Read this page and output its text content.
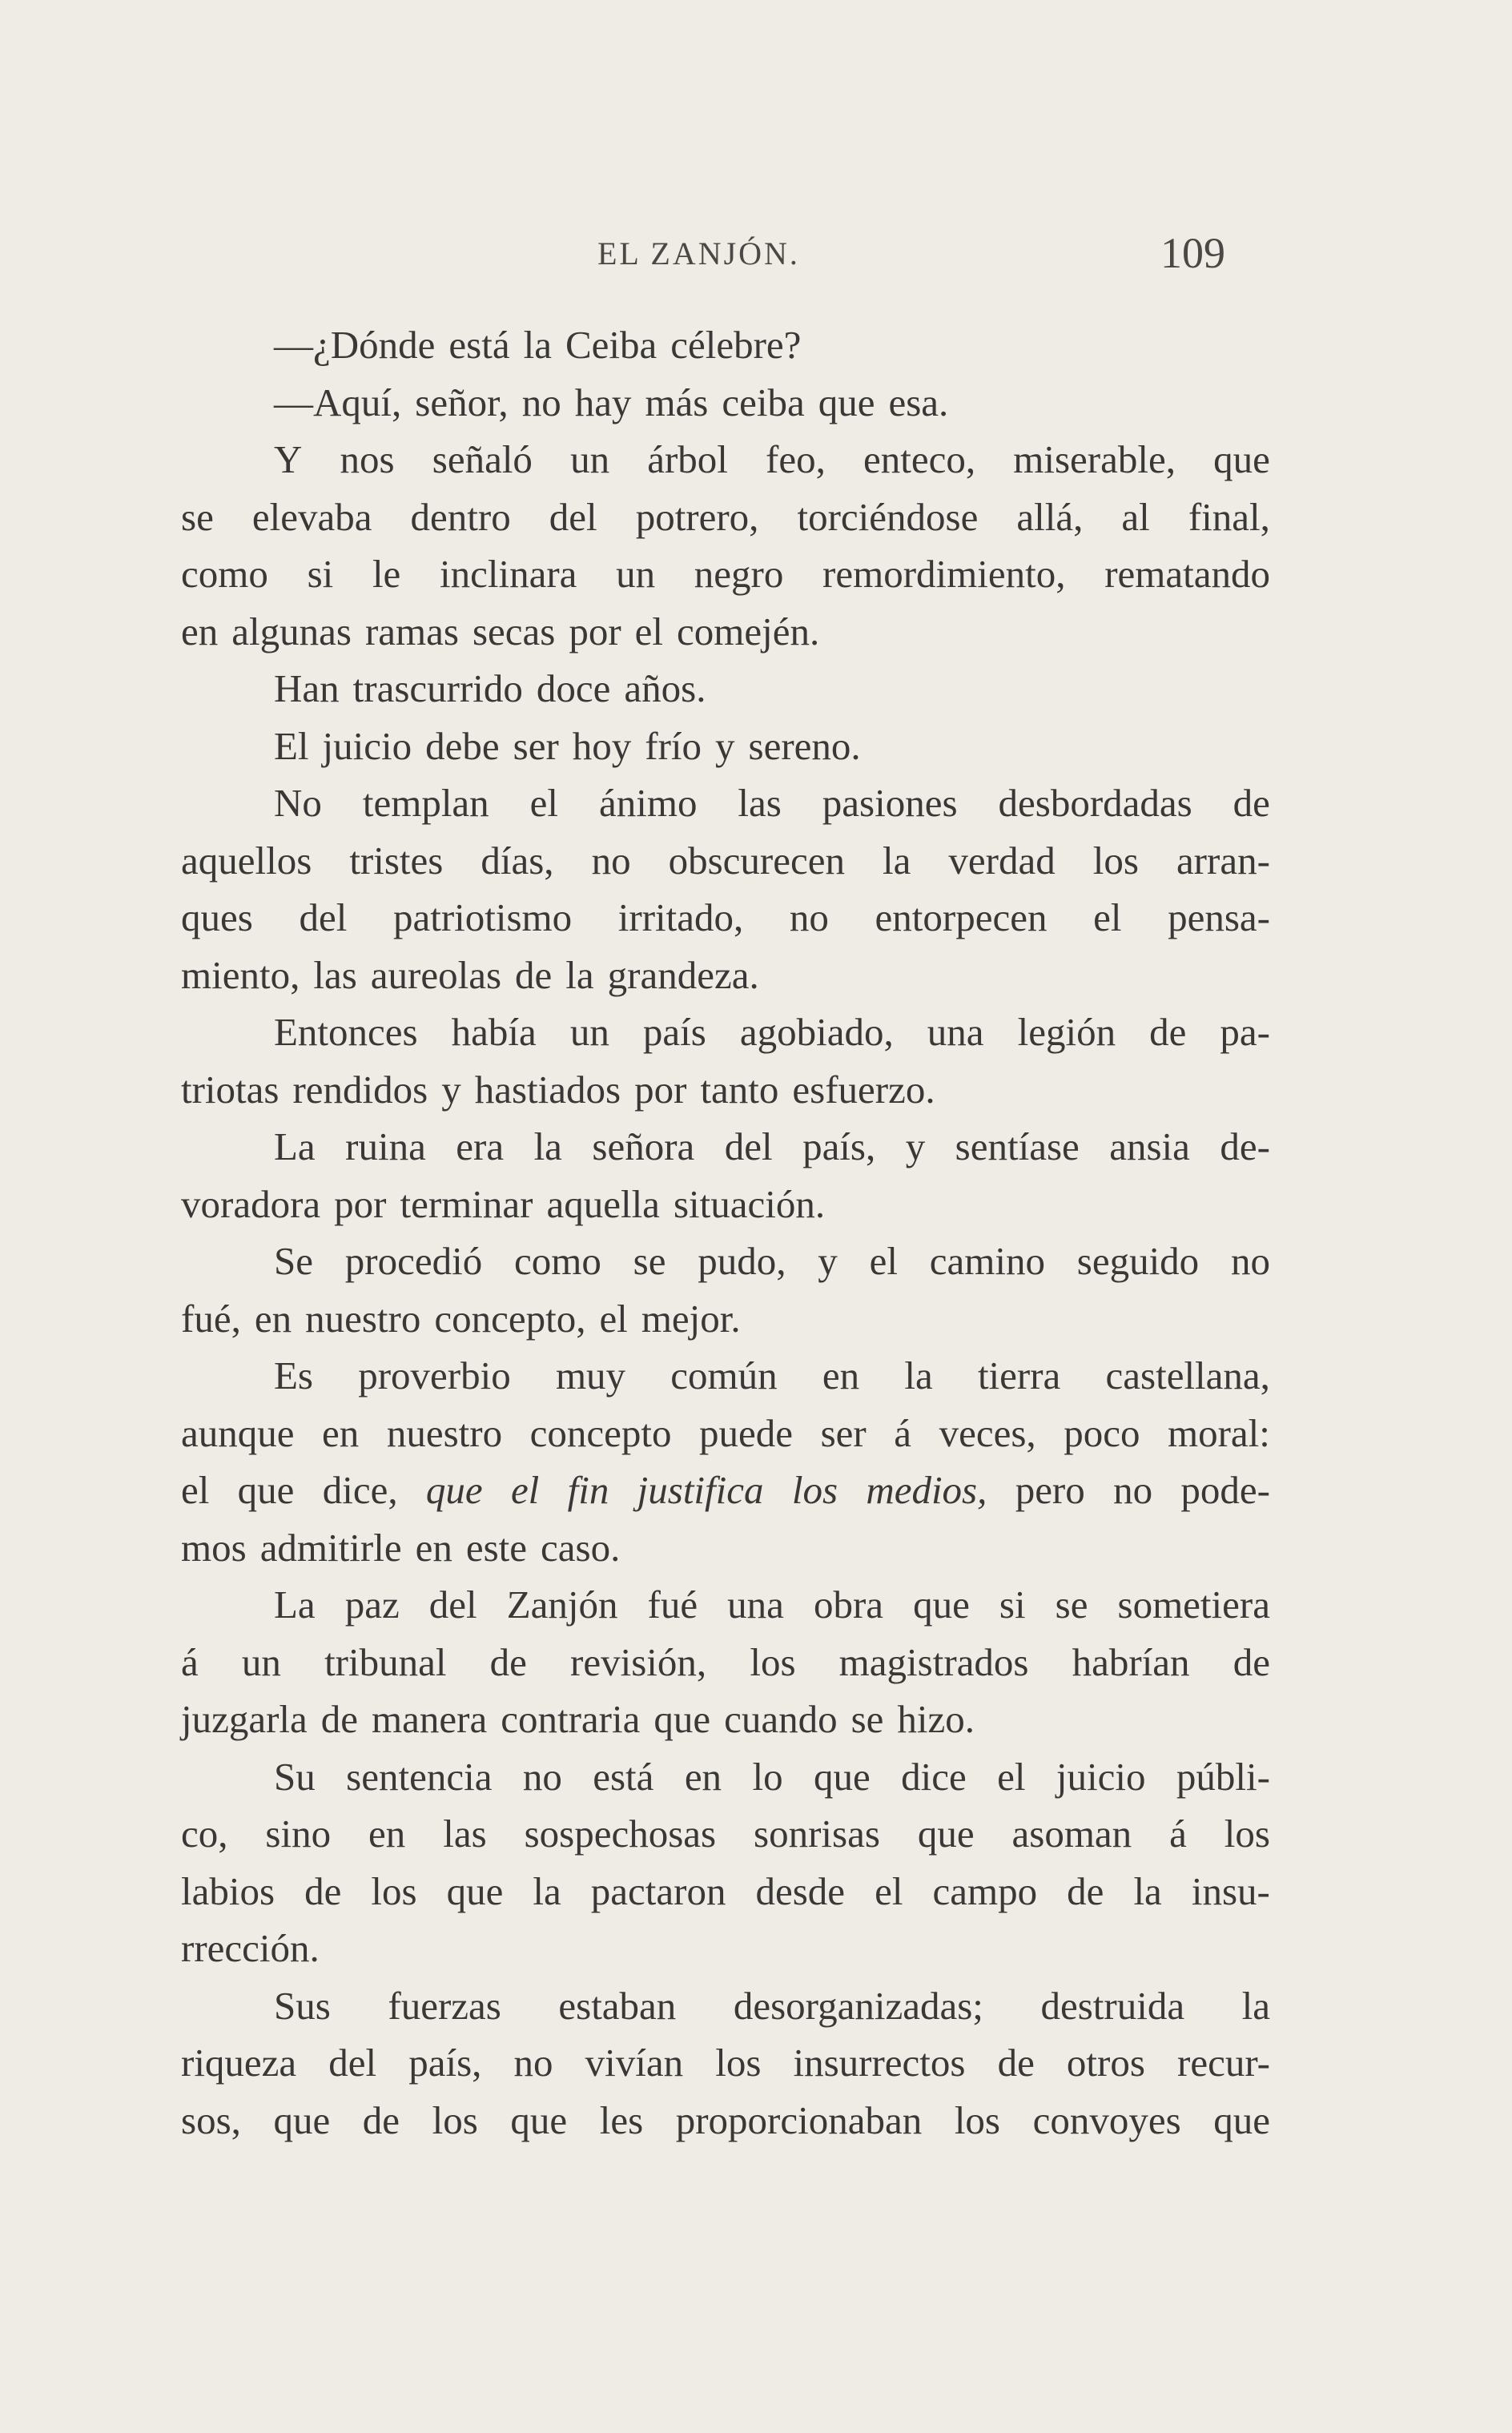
EL ZANJÓN.	109
—¿Dónde está la Ceiba célebre?
—Aquí, señor, no hay más ceiba que esa.
Y nos señaló un árbol feo, enteco, miserable, que
se elevaba dentro del potrero, torciéndose allá, al final,
como si le inclinara un negro remordimiento, rematando
en algunas ramas secas por el comején.
Han trascurrido doce años.
El juicio debe ser hoy frío y sereno.
No templan el ánimo las pasiones desbordadas de
aquellos tristes días, no obscurecen la verdad los arran-
ques del patriotismo irritado, no entorpecen el pensa-
miento, las aureolas de la grandeza.
Entonces había un país agobiado, una legión de pa-
triotas rendidos y hastiados por tanto esfuerzo.
La ruina era la señora del país, y sentíase ansia de-
voradora por terminar aquella situación.
Se procedió como se pudo, y el camino seguido no
fué, en nuestro concepto, el mejor.
Es proverbio muy común en la tierra castellana,
aunque en nuestro concepto puede ser á veces, poco moral:
el que dice, que el fin justifica los medios, pero no pode-
mos admitirle en este caso.
La paz del Zanjón fué una obra que si se sometiera
á un tribunal de revisión, los magistrados habrían de
juzgarla de manera contraria que cuando se hizo.
Su sentencia no está en lo que dice el juicio públi-
co, sino en las sospechosas sonrisas que asoman á los
labios de los que la pactaron desde el campo de la insu-
rrección.
Sus fuerzas estaban desorganizadas; destruida la
riqueza del país, no vivían los insurrectos de otros recur-
sos, que de los que les proporcionaban los convoyes que
